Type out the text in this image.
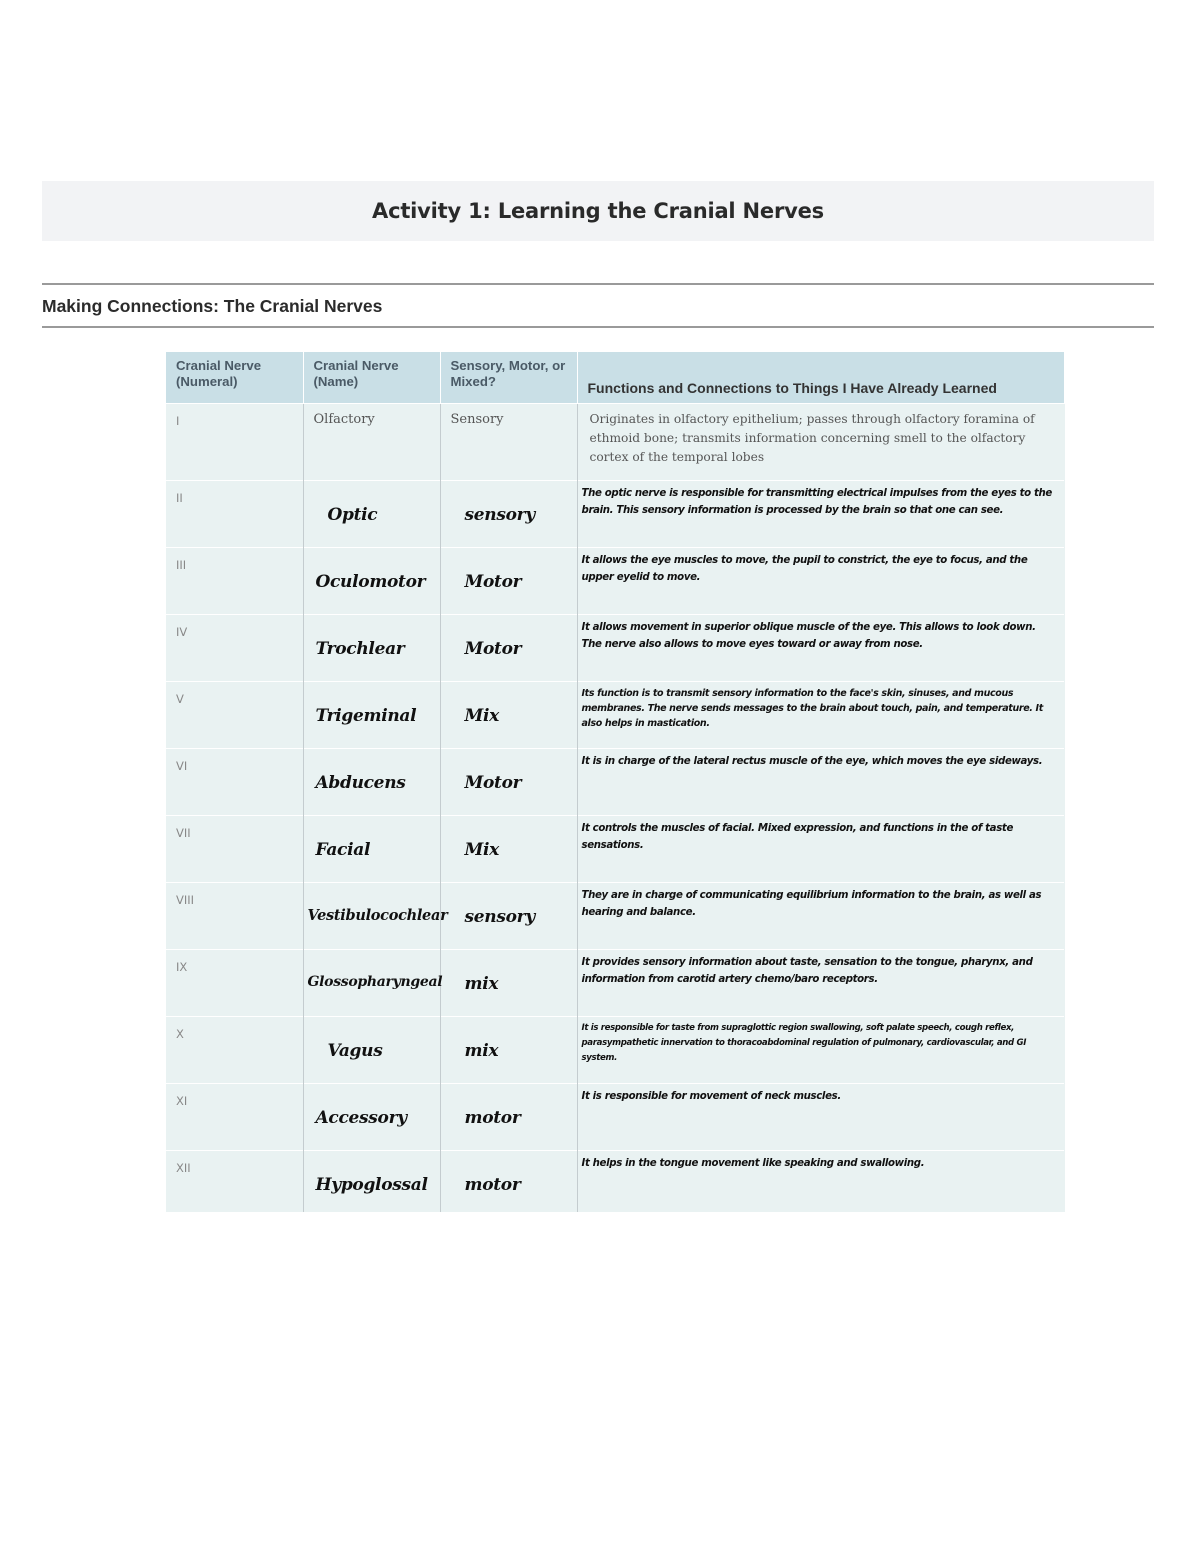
Activity 1: Learning the Cranial Nerves
Making Connections: The Cranial Nerves
Cranial Nerve (Numeral)	Cranial Nerve (Name)	Sensory, Motor, or Mixed?	Functions and Connections to Things I Have Already Learned

I	Olfactory	Sensory	Originates in olfactory epithelium; passes through olfactory foramina of ethmoid bone; transmits information concerning smell to the olfactory cortex of the temporal lobes

II	Optic	sensory	The optic nerve is responsible for transmitting electrical impulses from the eyes to the brain. This sensory information is processed by the brain so that one can see.

III	Oculomotor	Motor	It allows the eye muscles to move, the pupil to constrict, the eye to focus, and the upper eyelid to move.

IV	Trochlear	Motor	It allows movement in superior oblique muscle of the eye. This allows to look down. The nerve also allows to move eyes toward or away from nose.

V	Trigeminal	Mix	Its function is to transmit sensory information to the face's skin, sinuses, and mucous membranes. The nerve sends messages to the brain about touch, pain, and temperature. It also helps in mastication.

VI	Abducens	Motor	It is in charge of the lateral rectus muscle of the eye, which moves the eye sideways.

VII	Facial	Mix	It controls the muscles of facial. Mixed expression, and functions in the of taste sensations.

VIII	Vestibulocochlear	sensory	They are in charge of communicating equilibrium information to the brain, as well as hearing and balance.

IX	Glossopharyngeal	mix	It provides sensory information about taste, sensation to the tongue, pharynx, and information from carotid artery chemo/baro receptors.

X	Vagus	mix	It is responsible for taste from supraglottic region swallowing, soft palate speech, cough reflex, parasympathetic innervation to thoracoabdominal regulation of pulmonary, cardiovascular, and GI system.

XI	Accessory	motor	It is responsible for movement of neck muscles.

XII	Hypoglossal	motor	It helps in the tongue movement like speaking and swallowing.
